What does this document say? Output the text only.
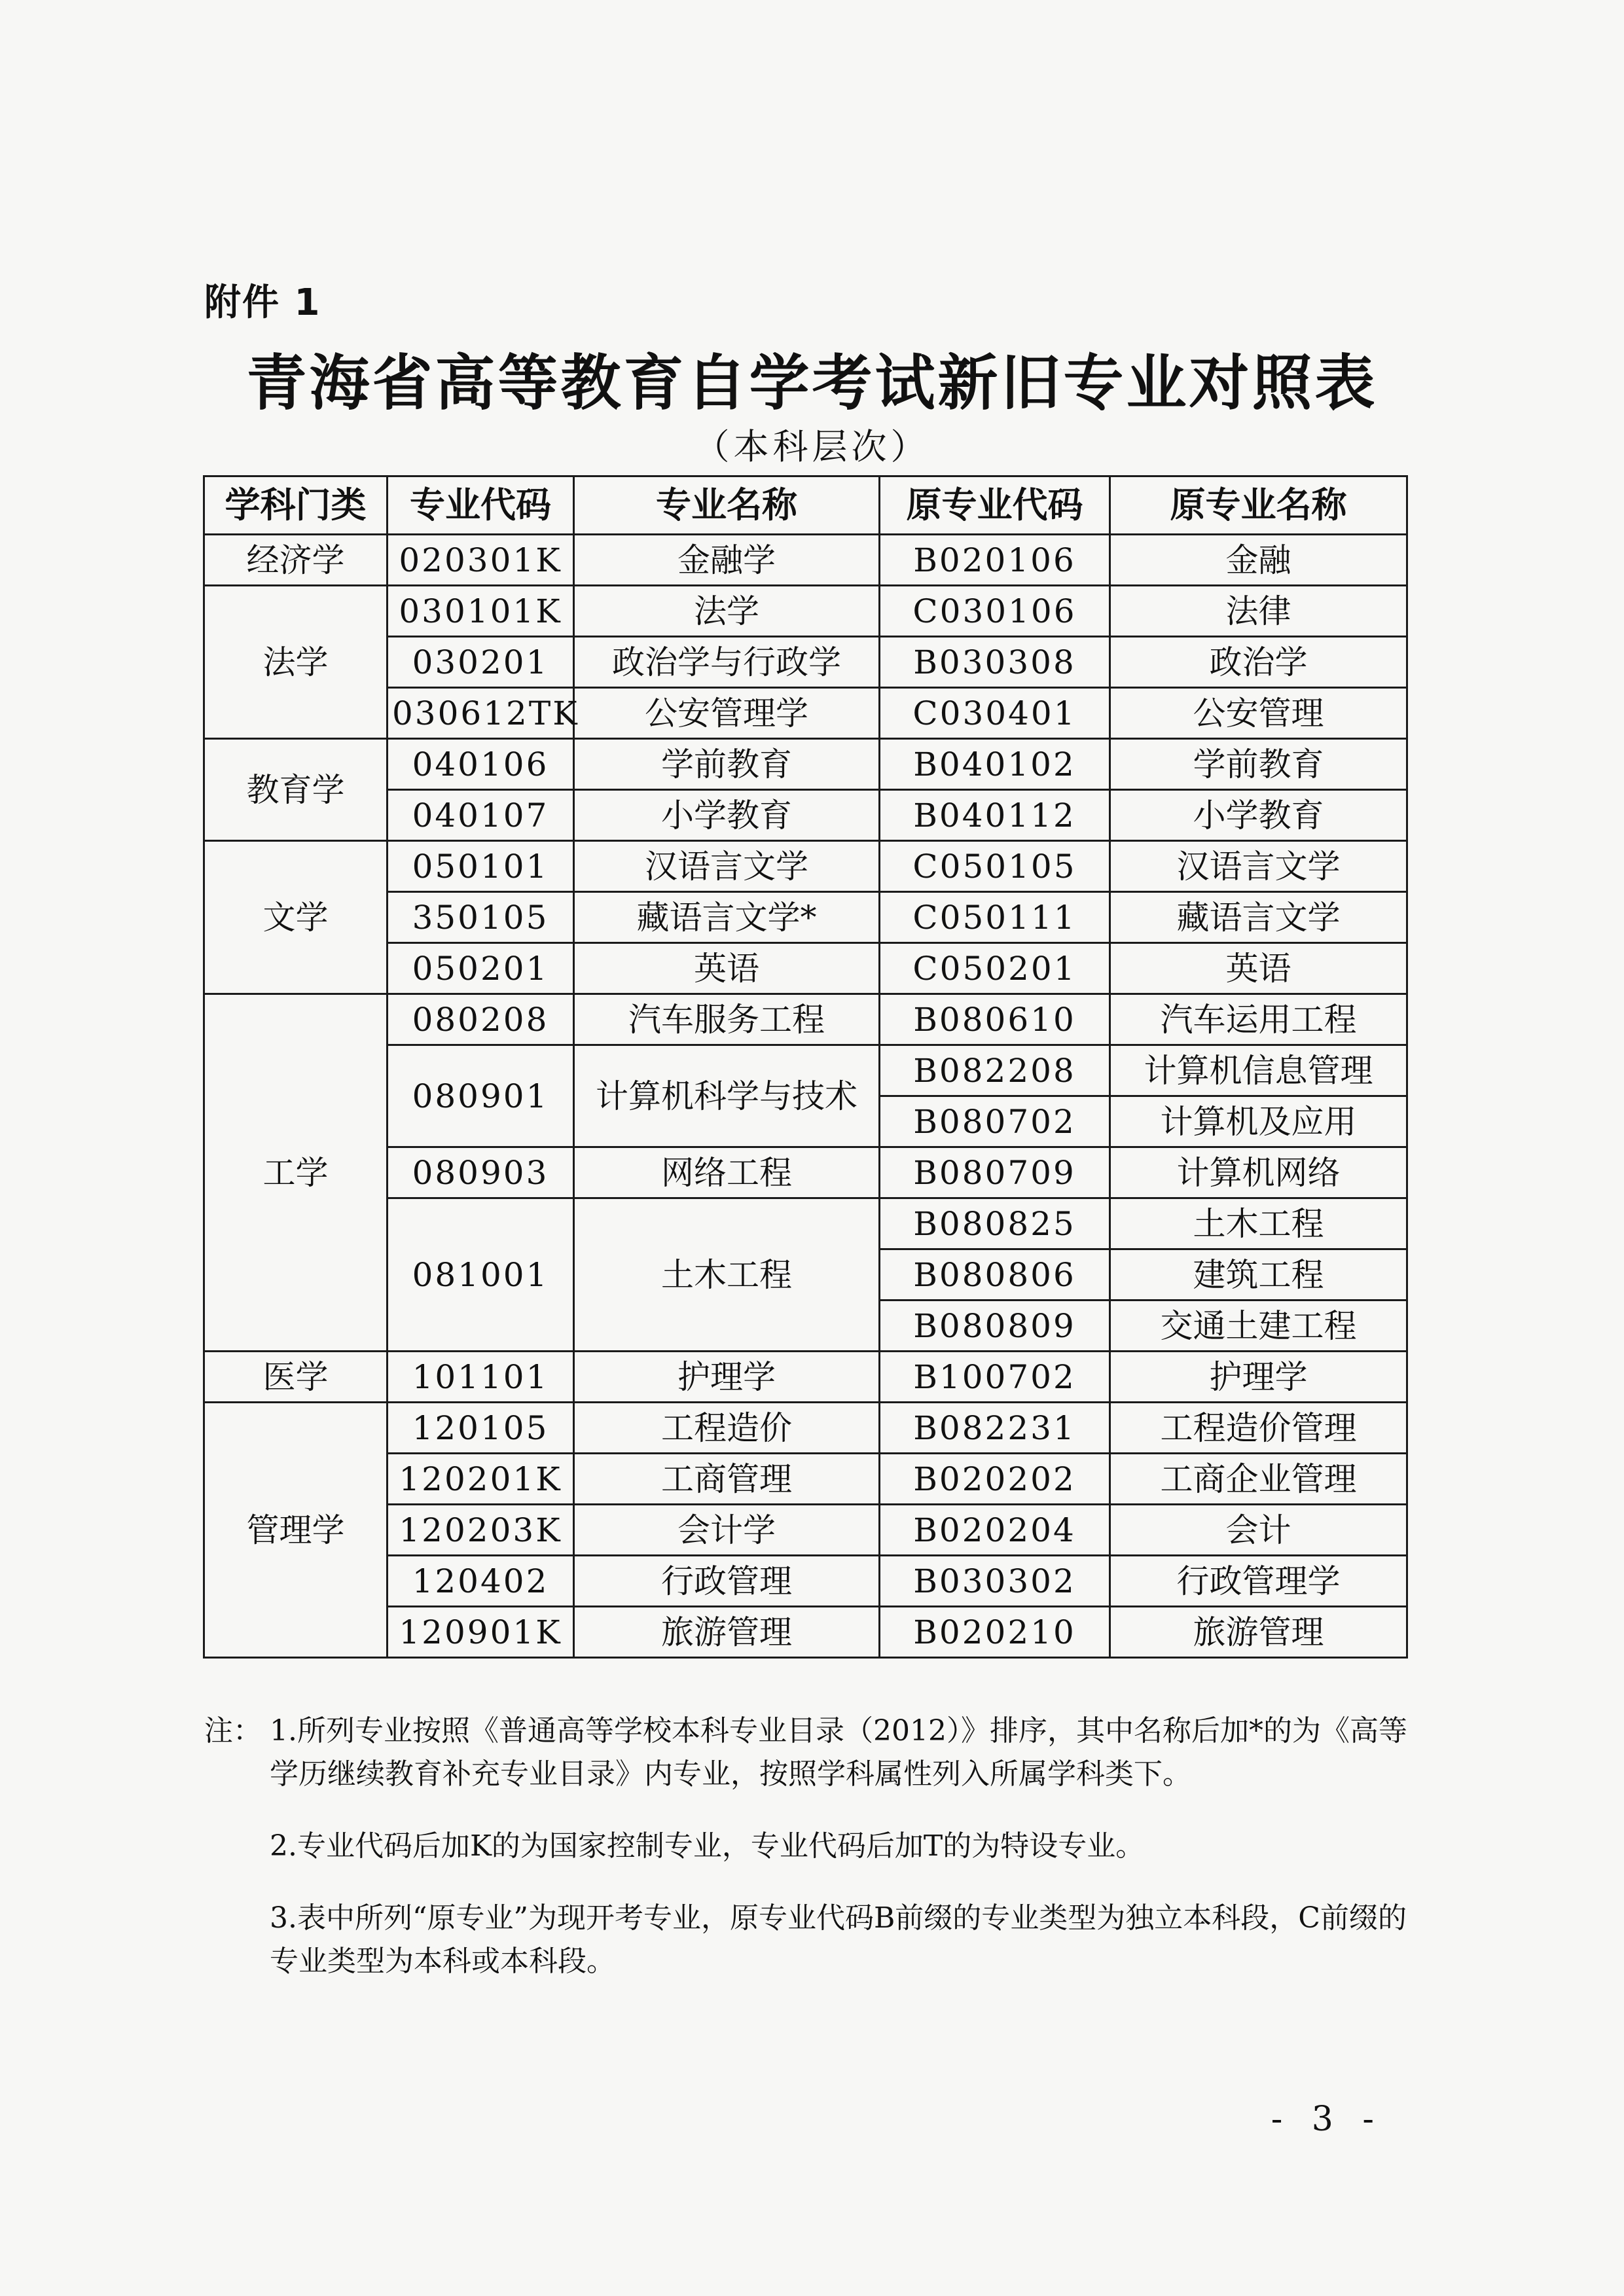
附件 1
青海省高等教育自学考试新旧专业对照表
（本科层次）
学科门类	专业代码	专业名称	原专业代码	原专业名称
经济学	020301K	金融学	B020106	金融
法学	030101K	法学	C030106	法律
	030201	政治学与行政学	B030308	政治学
	030612TK	公安管理学	C030401	公安管理
教育学	040106	学前教育	B040102	学前教育
	040107	小学教育	B040112	小学教育
文学	050101	汉语言文学	C050105	汉语言文学
	350105	藏语言文学*	C050111	藏语言文学
	050201	英语	C050201	英语
工学	080208	汽车服务工程	B080610	汽车运用工程
	080901	计算机科学与技术	B082208	计算机信息管理
			B080702	计算机及应用
	080903	网络工程	B080709	计算机网络
	081001	土木工程	B080825	土木工程
			B080806	建筑工程
			B080809	交通土建工程
医学	101101	护理学	B100702	护理学
管理学	120105	工程造价	B082231	工程造价管理
	120201K	工商管理	B020202	工商企业管理
	120203K	会计学	B020204	会计
	120402	行政管理	B030302	行政管理学
	120901K	旅游管理	B020210	旅游管理
注： 1.所列专业按照《普通高等学校本科专业目录（2012）》排序，其中名称后加*的为《高等学历继续教育补充专业目录》内专业，按照学科属性列入所属学科类下。

2.专业代码后加K的为国家控制专业，专业代码后加T的为特设专业。

3.表中所列“原专业”为现开考专业，原专业代码B前缀的专业类型为独立本科段，C前缀的专业类型为本科或本科段。

- 3 -
